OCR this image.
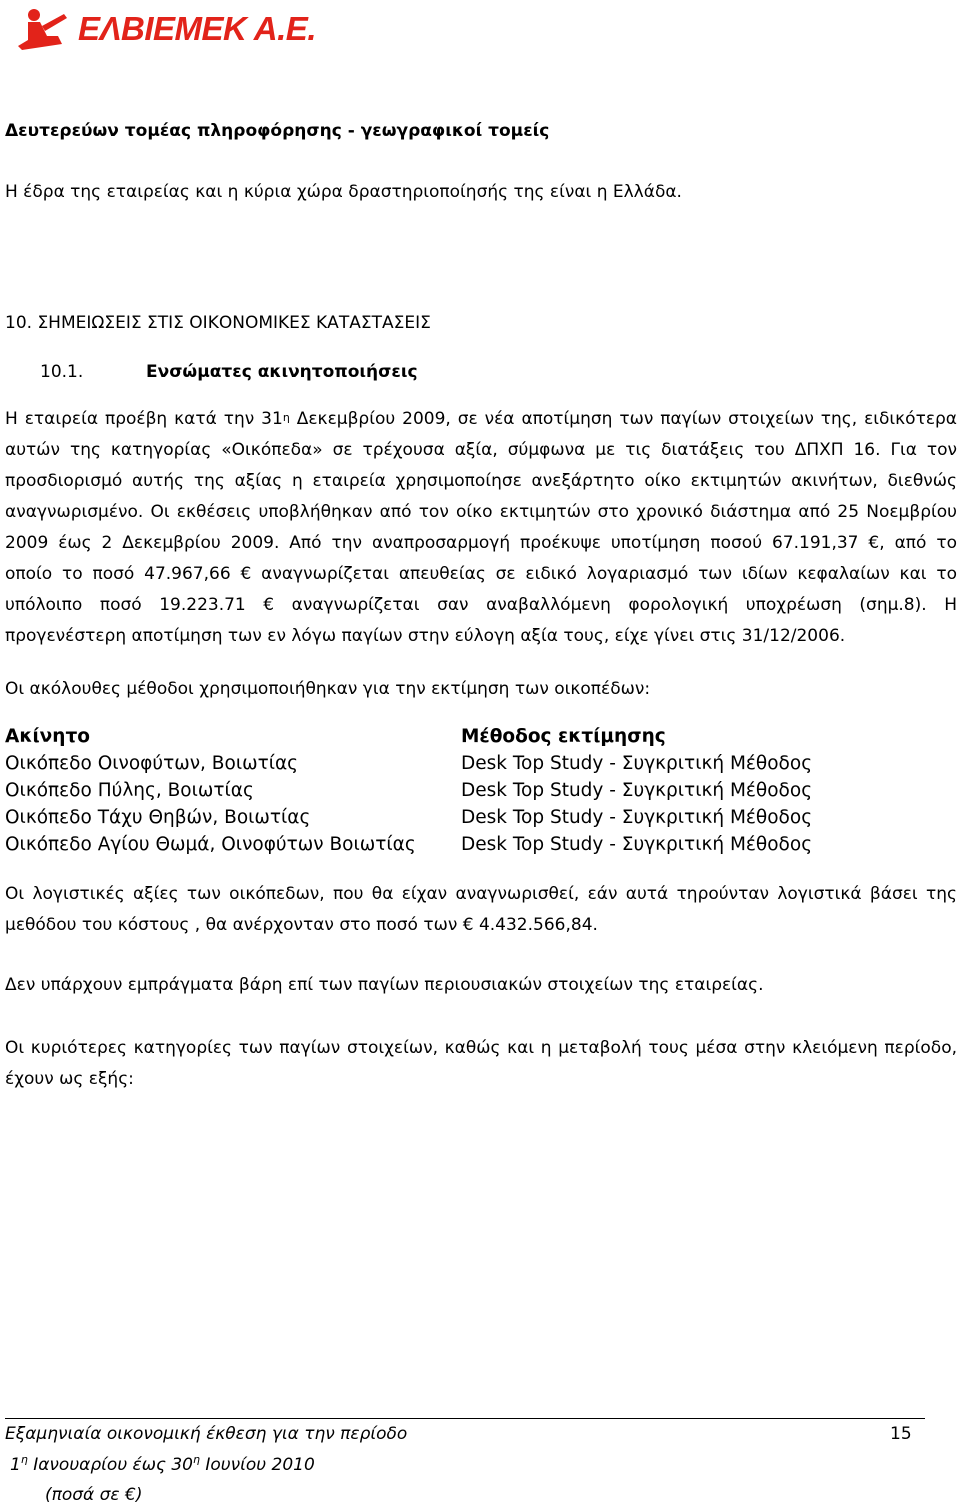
ΕΛΒΙΕΜΕΚ Α.Ε.
Δευτερεύων τομέας πληροφόρησης - γεωγραφικοί τομείς
Η έδρα της εταιρείας και η κύρια χώρα δραστηριοποίησής της είναι η Ελλάδα.
10. ΣΗΜΕΙΩΣΕΙΣ ΣΤΙΣ ΟΙΚΟΝΟΜΙΚΕΣ ΚΑΤΑΣΤΑΣΕΙΣ
10.1.	Ενσώματες ακινητοποιήσεις
Η εταιρεία προέβη κατά την $31^\eta$ Δεκεμβρίου 2009, σε νέα αποτίμηση των παγίων στοιχείων της, ειδικότερα
αυτών της κατηγορίας «Οικόπεδα» σε τρέχουσα αξία, σύμφωνα με τις διατάξεις του ΔΠΧΠ 16. Για τον
προσδιορισμό αυτής της αξίας η εταιρεία χρησιμοποίησε ανεξάρτητο οίκο εκτιμητών ακινήτων, διεθνώς
αναγνωρισμένο. Οι εκθέσεις υποβλήθηκαν από τον οίκο εκτιμητών στο χρονικό διάστημα από 25 Νοεμβρίου
2009 έως 2 Δεκεμβρίου 2009. Από την αναπροσαρμογή προέκυψε υποτίμηση ποσού 67.191,37 €, από το
οποίο το ποσό 47.967,66 € αναγνωρίζεται απευθείας σε ειδικό λογαριασμό των ιδίων κεφαλαίων και το
υπόλοιπο ποσό 19.223.71 € αναγνωρίζεται σαν αναβαλλόμενη φορολογική υποχρέωση (σημ.8). Η
προγενέστερη αποτίμηση των εν λόγω παγίων στην εύλογη αξία τους, είχε γίνει στις 31/12/2006.
Οι ακόλουθες μέθοδοι χρησιμοποιήθηκαν για την εκτίμηση των οικοπέδων:
Ακίνητο
Οικόπεδο Οινοφύτων, Βοιωτίας
Οικόπεδο Πύλης, Βοιωτίας
Οικόπεδο Τάχυ Θηβών, Βοιωτίας
Οικόπεδο Αγίου Θωμά, Οινοφύτων Βοιωτίας
Μέθοδος εκτίμησης
Desk Top Study - Συγκριτική Μέθοδος
Desk Top Study - Συγκριτική Μέθοδος
Desk Top Study - Συγκριτική Μέθοδος
Desk Top Study - Συγκριτική Μέθοδος
Οι λογιστικές αξίες των οικόπεδων, που θα είχαν αναγνωρισθεί, εάν αυτά τηρούνταν λογιστικά βάσει της
μεθόδου του κόστους , θα ανέρχονταν στο ποσό των € 4.432.566,84.
Δεν υπάρχουν εμπράγματα βάρη επί των παγίων περιουσιακών στοιχείων της εταιρείας.
Οι κυριότερες κατηγορίες των παγίων στοιχείων, καθώς και η μεταβολή τους μέσα στην κλειόμενη περίοδο,
έχουν ως εξής:
Εξαμηνιαία οικονομική έκθεση για την περίοδο	15
$1^\eta$ Ιανουαρίου έως $30^\eta$ Ιουνίου 2010
(ποσά σε €)
